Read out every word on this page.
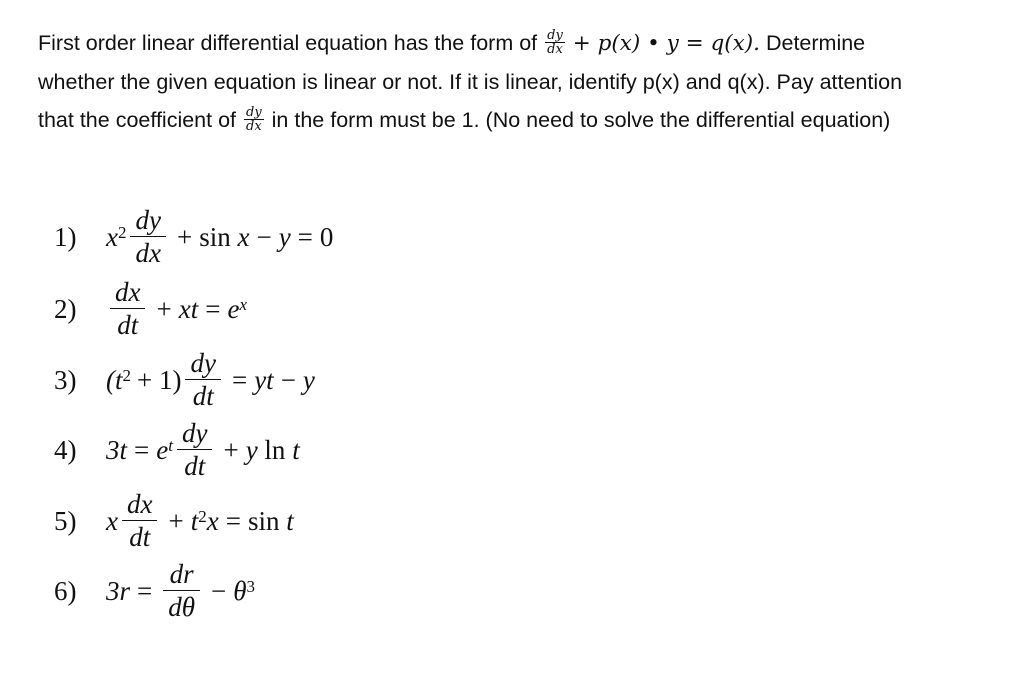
First order linear differential equation has the form of $\frac{dy}{dx} + p(x)$ • y = q(x). Determine
whether the given equation is linear or not. If it is linear, identify p(x) and q(x). Pay attention
that the coefficient of $\frac{dy}{dx}$ in the form must be 1. (No need to solve the differential equation)
1)	$x^2 \frac{dy}{dx} + \sin$
x − y = 0
2)	$\frac{dx}{dt}$ + xt = $e^x$
3)	$(t^2 + 1) \frac{dy}{dt}$ = yt − y
4)	$3t = e^t \frac{dy}{dt} + y$
ln
t
5)	x $\frac{dx}{dt} + t^2$ x = sin
t
6)	$3r = \frac{dr}{d\theta} - \theta^3$
